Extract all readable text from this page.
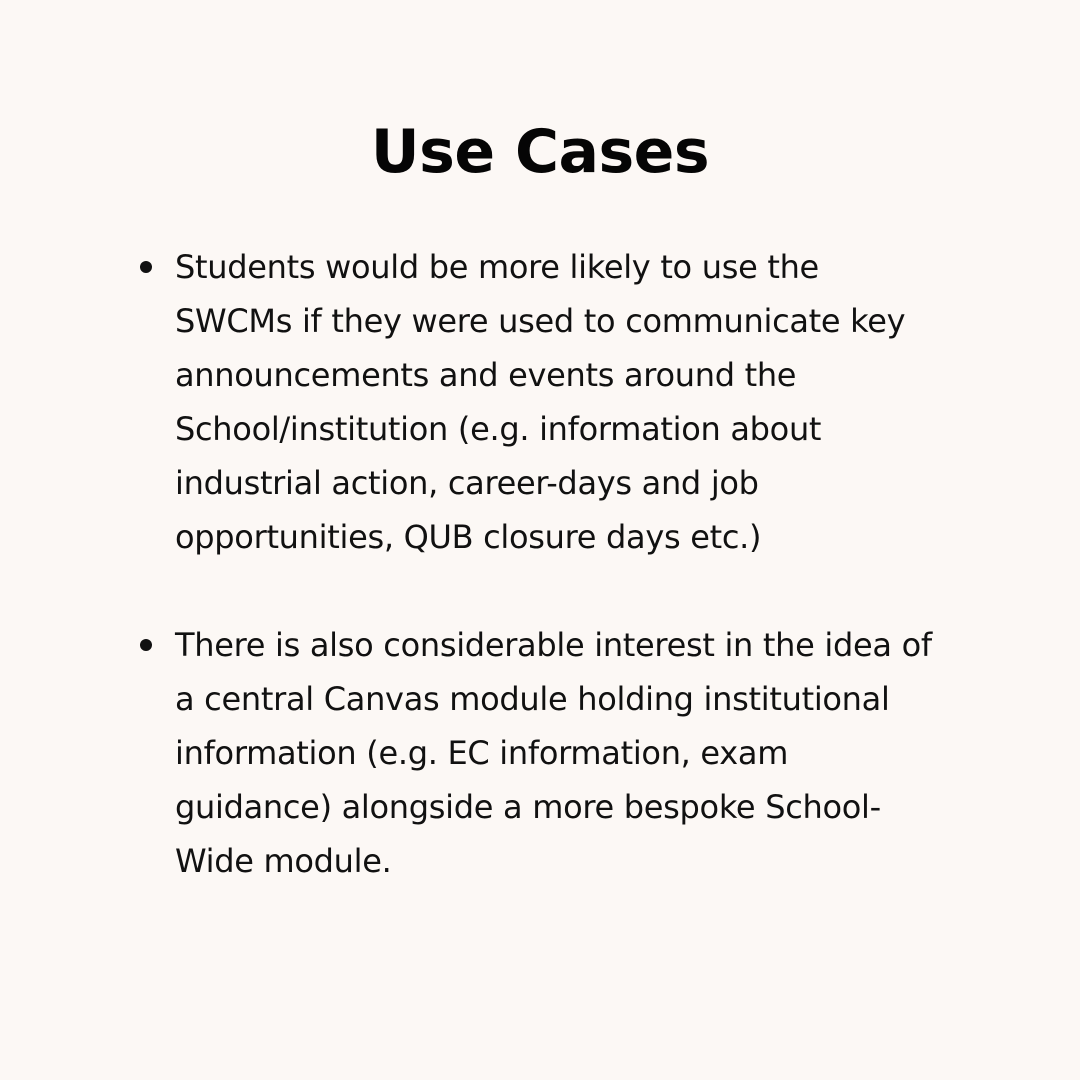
Use Cases
Students would be more likely to use the
SWCMs if they were used to communicate key
announcements and events around the
School/institution (e.g. information about
industrial action, career-days and job
opportunities, QUB closure days etc.)
There is also considerable interest in the idea of
a central Canvas module holding institutional
information (e.g. EC information, exam
guidance) alongside a more bespoke School-
Wide module.
